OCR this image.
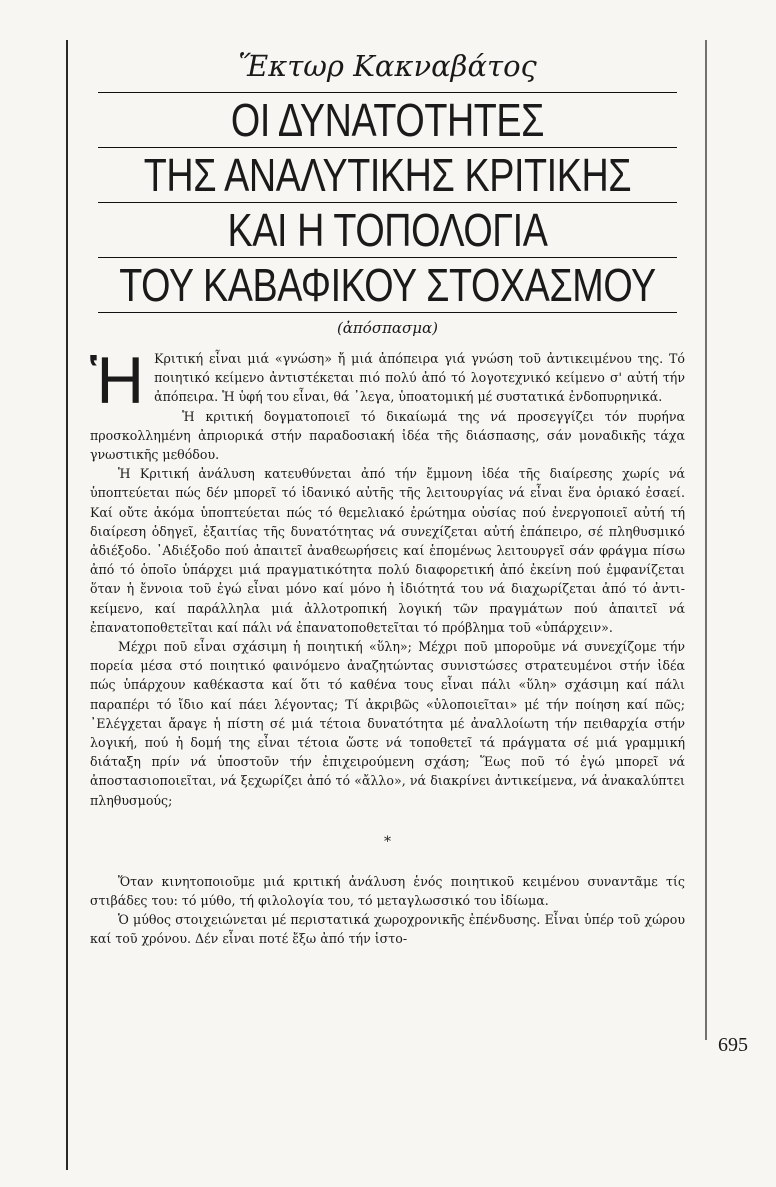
Ἕκτωρ Κακναβάτος
ΟΙ ΔΥΝΑΤΟΤΗΤΕΣ
ΤΗΣ ΑΝΑΛΥΤΙΚΗΣ ΚΡΙΤΙΚΗΣ
ΚΑΙ Η ΤΟΠΟΛΟΓΙΑ
ΤΟΥ ΚΑΒΑΦΙΚΟΥ ΣΤΟΧΑΣΜΟΥ
(ἀπόσπασμα)

Ἡ Κριτική εἶναι μιά «γνώση» ἤ μιά ἀπόπειρα γιά γνώση τοῦ ἀντικειμένου της. Τό ποιητικό κείμενο ἀντιστέκεται πιό πολύ ἀπό τό λογοτεχνικό κείμενο σ' αὐτή τήν ἀπόπειρα. Ἡ ὑφή του εἶναι, θά ᾽λεγα, ὑποατομική μέ συστατικά ἐνδοπυρηνικά.

Ἡ κριτική δογματοποιεῖ τό δικαίωμά της νά προσεγγίζει τόν πυρήνα προσκολλημένη ἀπριορικά στήν παραδοσιακή ἰδέα τῆς διάσπασης, σάν μοναδικῆς τάχα γνωστικῆς μεθόδου.

Ἡ Κριτική ἀνάλυση κατευθύνεται ἀπό τήν ἔμμονη ἰδέα τῆς διαίρεσης χωρίς νά ὑποπτεύεται πώς δέν μπορεῖ τό ἰδανικό αὐτῆς τῆς λειτουργίας νά εἶναι ἕνα ὁριακό ἐσαεί. Καί οὔτε ἀκόμα ὑποπτεύεται πώς τό θεμελιακό ἐρώτημα οὐσίας πού ἐνεργοποιεῖ αὐτή τή διαίρεση ὁδηγεῖ, ἐξαιτίας τῆς δυνατότητας νά συνεχίζεται αὐτή ἐπάπειρο, σέ πληθυσμικό ἀδιέξοδο. ᾽Αδιέξοδο πού ἀπαιτεῖ ἀναθεωρήσεις καί ἑπομένως λειτουργεῖ σάν φράγμα πίσω ἀπό τό ὁποῖο ὑπάρχει μιά πραγματικότητα πολύ διαφορετική ἀπό ἐκείνη πού ἐμφανίζεται ὅταν ἡ ἔννοια τοῦ ἐγώ εἶναι μόνο καί μόνο ἡ ἰδιότητά του νά διαχωρίζεται ἀπό τό ἀντι-κείμενο, καί παράλληλα μιά ἀλλοτροπική λογική τῶν πραγμάτων πού ἀπαιτεῖ νά ἐπανατοποθετεῖται καί πάλι νά ἐπανατοποθετεῖται τό πρόβλημα τοῦ «ὑπάρχειν».

Μέχρι ποῦ εἶναι σχάσιμη ἡ ποιητική «ὕλη»; Μέχρι ποῦ μποροῦμε νά συνεχίζομε τήν πορεία μέσα στό ποιητικό φαινόμενο ἀναζητώντας συνιστώσες στρατευμένοι στήν ἰδέα πώς ὑπάρχουν καθέκαστα καί ὅτι τό καθένα τους εἶναι πάλι «ὕλη» σχάσιμη καί πάλι παραπέρι τό ἴδιο καί πάει λέγοντας; Τί ἀκριβῶς «ὑλοποιεῖται» μέ τήν ποίηση καί πῶς; ᾽Ελέγχεται ἄραγε ἡ πίστη σέ μιά τέτοια δυνατότητα μέ ἀναλλοίωτη τήν πειθαρχία στήν λογική, πού ἡ δομή της εἶναι τέτοια ὥστε νά τοποθετεῖ τά πράγματα σέ μιά γραμμική διάταξη πρίν νά ὑποστοῦν τήν ἐπιχειρούμενη σχάση; Ἕως ποῦ τό ἐγώ μπορεῖ νά ἀποστασιοποιεῖται, νά ξεχωρίζει ἀπό τό «ἄλλο», νά διακρίνει ἀντικείμενα, νά ἀνακαλύπτει πληθυσμούς;

*

Ὅταν κινητοποιοῦμε μιά κριτική ἀνάλυση ἑνός ποιητικοῦ κειμένου συναντᾶμε τίς στιβάδες του: τό μύθο, τή φιλολογία του, τό μεταγλωσσικό του ἰδίωμα.

Ὁ μύθος στοιχειώνεται μέ περιστατικά χωροχρονικῆς ἐπένδυσης. Εἶναι ὑπέρ τοῦ χώρου καί τοῦ χρόνου. Δέν εἶναι ποτέ ἔξω ἀπό τήν ἱστο-

695
